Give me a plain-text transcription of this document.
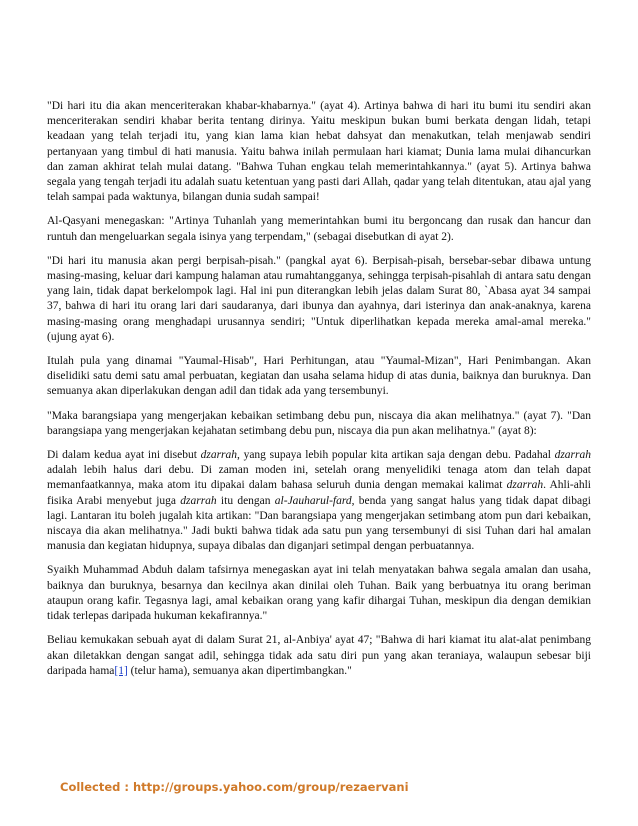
"Di hari itu dia akan menceriterakan khabar-khabarnya." (ayat 4). Artinya bahwa di hari itu bumi itu sendiri akan menceriterakan sendiri khabar berita tentang dirinya. Yaitu meskipun bukan bumi berkata dengan lidah, tetapi keadaan yang telah terjadi itu, yang kian lama kian hebat dahsyat dan menakutkan, telah menjawab sendiri pertanyaan yang timbul di hati manusia. Yaitu bahwa inilah permulaan hari kiamat; Dunia lama mulai dihancurkan dan zaman akhirat telah mulai datang. "Bahwa Tuhan engkau telah memerintahkannya." (ayat 5). Artinya bahwa segala yang tengah terjadi itu adalah suatu ketentuan yang pasti dari Allah, qadar yang telah ditentukan, atau ajal yang telah sampai pada waktunya, bilangan dunia sudah sampai!

Al-Qasyani menegaskan: "Artinya Tuhanlah yang memerintahkan bumi itu bergoncang dan rusak dan hancur dan runtuh dan mengeluarkan segala isinya yang terpendam," (sebagai disebutkan di ayat 2).

"Di hari itu manusia akan pergi berpisah-pisah." (pangkal ayat 6). Berpisah-pisah, bersebar-sebar dibawa untung masing-masing, keluar dari kampung halaman atau rumahtangganya, sehingga terpisah-pisahlah di antara satu dengan yang lain, tidak dapat berkelompok lagi. Hal ini pun diterangkan lebih jelas dalam Surat 80, `Abasa ayat 34 sampai 37, bahwa di hari itu orang lari dari saudaranya, dari ibunya dan ayahnya, dari isterinya dan anak-anaknya, karena masing-masing orang menghadapi urusannya sendiri; "Untuk diperlihatkan kepada mereka amal-amal mereka." (ujung ayat 6).

Itulah pula yang dinamai "Yaumal-Hisab", Hari Perhitungan, atau "Yaumal-Mizan", Hari Penimbangan. Akan diselidiki satu demi satu amal perbuatan, kegiatan dan usaha selama hidup di atas dunia, baiknya dan buruknya. Dan semuanya akan diperlakukan dengan adil dan tidak ada yang tersembunyi.

"Maka barangsiapa yang mengerjakan kebaikan setimbang debu pun, niscaya dia akan melihatnya." (ayat 7). "Dan barangsiapa yang mengerjakan kejahatan setimbang debu pun, niscaya dia pun akan melihatnya." (ayat 8):

Di dalam kedua ayat ini disebut dzarrah, yang supaya lebih popular kita artikan saja dengan debu. Padahal dzarrah adalah lebih halus dari debu. Di zaman moden ini, setelah orang menyelidiki tenaga atom dan telah dapat memanfaatkannya, maka atom itu dipakai dalam bahasa seluruh dunia dengan memakai kalimat dzarrah. Ahli-ahli fisika Arabi menyebut juga dzarrah itu dengan al-Jauharul-fard, benda yang sangat halus yang tidak dapat dibagi lagi. Lantaran itu boleh jugalah kita artikan: "Dan barangsiapa yang mengerjakan setimbang atom pun dari kebaikan, niscaya dia akan melihatnya." Jadi bukti bahwa tidak ada satu pun yang tersembunyi di sisi Tuhan dari hal amalan manusia dan kegiatan hidupnya, supaya dibalas dan diganjari setimpal dengan perbuatannya.

Syaikh Muhammad Abduh dalam tafsirnya menegaskan ayat ini telah menyatakan bahwa segala amalan dan usaha, baiknya dan buruknya, besarnya dan kecilnya akan dinilai oleh Tuhan. Baik yang berbuatnya itu orang beriman ataupun orang kafir. Tegasnya lagi, amal kebaikan orang yang kafir dihargai Tuhan, meskipun dia dengan demikian tidak terlepas daripada hukuman kekafirannya."

Beliau kemukakan sebuah ayat di dalam Surat 21, al-Anbiya' ayat 47; "Bahwa di hari kiamat itu alat-alat penimbang akan diletakkan dengan sangat adil, sehingga tidak ada satu diri pun yang akan teraniaya, walaupun sebesar biji daripada hama[1] (telur hama), semuanya akan dipertimbangkan."

Collected : http://groups.yahoo.com/group/rezaervani
